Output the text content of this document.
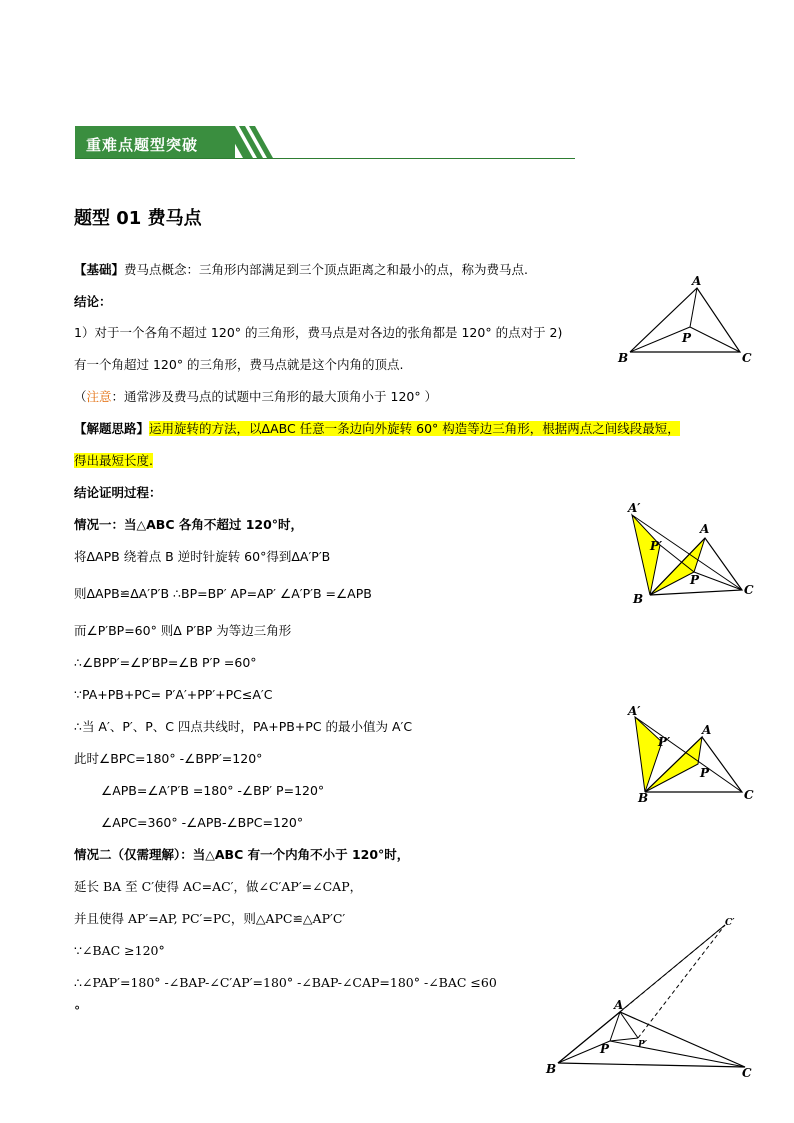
重难点题型突破
题型 01 费马点
【基础】费马点概念：三角形内部满足到三个顶点距离之和最小的点，称为费马点.
结论：
1）对于一个各角不超过 120° 的三角形，费马点是对各边的张角都是 120° 的点对于 2)
有一个角超过 120° 的三角形，费马点就是这个内角的顶点.
（注意：通常涉及费马点的试题中三角形的最大顶角小于 120° ）
【解题思路】运用旋转的方法，以ΔABC 任意一条边向外旋转 60° 构造等边三角形，根据两点之间线段最短，
得出最短长度.
结论证明过程：
情况一：当△ABC 各角不超过 120°时，
将ΔAPB 绕着点 B 逆时针旋转 60°得到ΔA′P′B
则ΔAPB≌ΔA′P′B ∴BP=BP′ AP=AP′ ∠A′P′B =∠APB
而∠P′BP=60° 则Δ P′BP 为等边三角形
∴∠BPP′=∠P′BP=∠B P′P =60°
∵PA+PB+PC= P′A′+PP′+PC≤A′C
∴当 A′、P′、P、C 四点共线时，PA+PB+PC 的最小值为 A′C
此时∠BPC=180° -∠BPP′=120°
∠APB=∠A′P′B =180° -∠BP′ P=120°
∠APC=360° -∠APB-∠BPC=120°
情况二（仅需理解）：当△ABC 有一个内角不小于 120°时，
延长 BA 至 C′使得 AC=AC′，做∠C′AP′=∠CAP，
并且使得 AP′=AP, PC′=PC，则△APC≌△AP′C′
∵∠BAC ≥120°
∴∠PAP′=180° -∠BAP-∠C′AP′=180° -∠BAP-∠CAP=180° -∠BAC ≤60
°
A
B	C
P
A′
P′
A
P
B
C
A′
P′
A
P
B	C
C′
A
P	P′
B	C
